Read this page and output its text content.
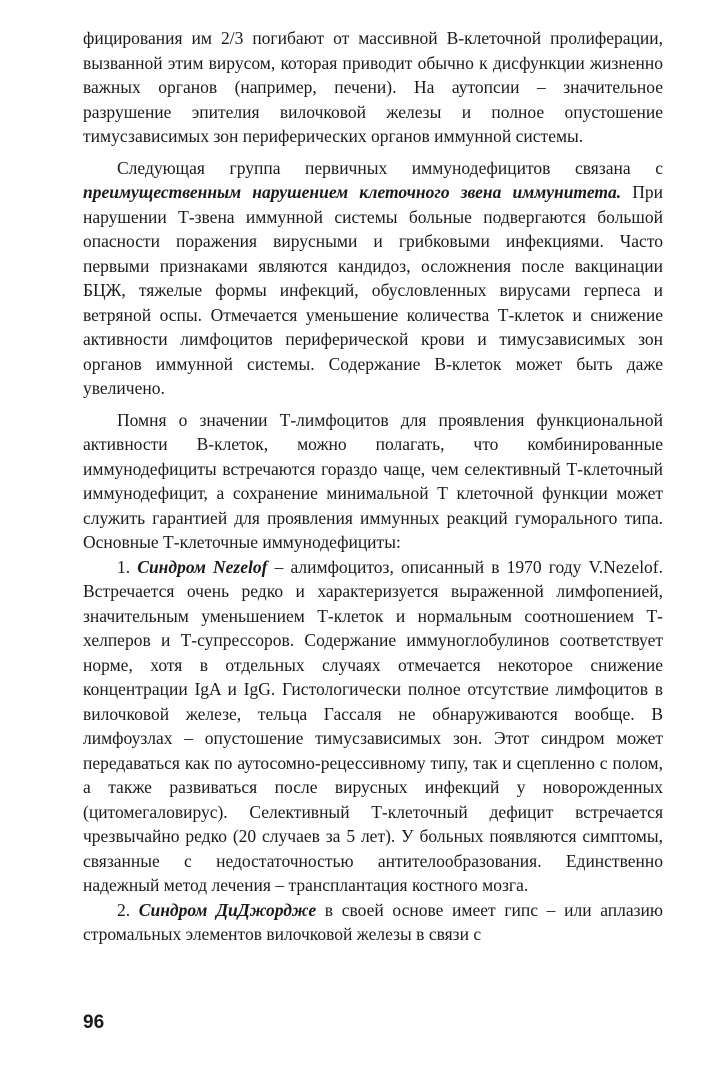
фицирования им 2/3 погибают от массивной B-клеточной пролиферации, вызванной этим вирусом, которая приводит обычно к дисфункции жизненно важных органов (например, печени). На аутопсии – значительное разрушение эпителия вилочковой железы и полное опустошение тимусзависимых зон периферических органов иммунной системы.

Следующая группа первичных иммунодефицитов связана с преимущественным нарушением клеточного звена иммунитета. При нарушении Т-звена иммунной системы больные подвергаются большой опасности поражения вирусными и грибковыми инфекциями. Часто первыми признаками являются кандидоз, осложнения после вакцинации БЦЖ, тяжелые формы инфекций, обусловленных вирусами герпеса и ветряной оспы. Отмечается уменьшение количества Т-клеток и снижение активности лимфоцитов периферической крови и тимусзависимых зон органов иммунной системы. Содержание B-клеток может быть даже увеличено.

Помня о значении Т-лимфоцитов для проявления функциональной активности B-клеток, можно полагать, что комбинированные иммунодефициты встречаются гораздо чаще, чем селективный Т-клеточный иммунодефицит, а сохранение минимальной Т клеточной функции может служить гарантией для проявления иммунных реакций гуморального типа. Основные Т-клеточные иммунодефициты:

1. Синдром Nezelof – алимфоцитоз, описанный в 1970 году V.Nezelof. Встречается очень редко и характеризуется выраженной лимфопенией, значительным уменьшением Т-клеток и нормальным соотношением Т-хелперов и Т-супрессоров. Содержание иммуноглобулинов соответствует норме, хотя в отдельных случаях отмечается некоторое снижение концентрации IgA и IgG. Гистологически полное отсутствие лимфоцитов в вилочковой железе, тельца Гассаля не обнаруживаются вообще. В лимфоузлах – опустошение тимусзависимых зон. Этот синдром может передаваться как по аутосомно-рецессивному типу, так и сцепленно с полом, а также развиваться после вирусных инфекций у новорожденных (цитомегаловирус). Селективный Т-клеточный дефицит встречается чрезвычайно редко (20 случаев за 5 лет). У больных появляются симптомы, связанные с недостаточностью антителообразования. Единственно надежный метод лечения – трансплантация костного мозга.

2. Синдром ДиДжордже в своей основе имеет гипс – или аплазию стромальных элементов вилочковой железы в связи с

96
